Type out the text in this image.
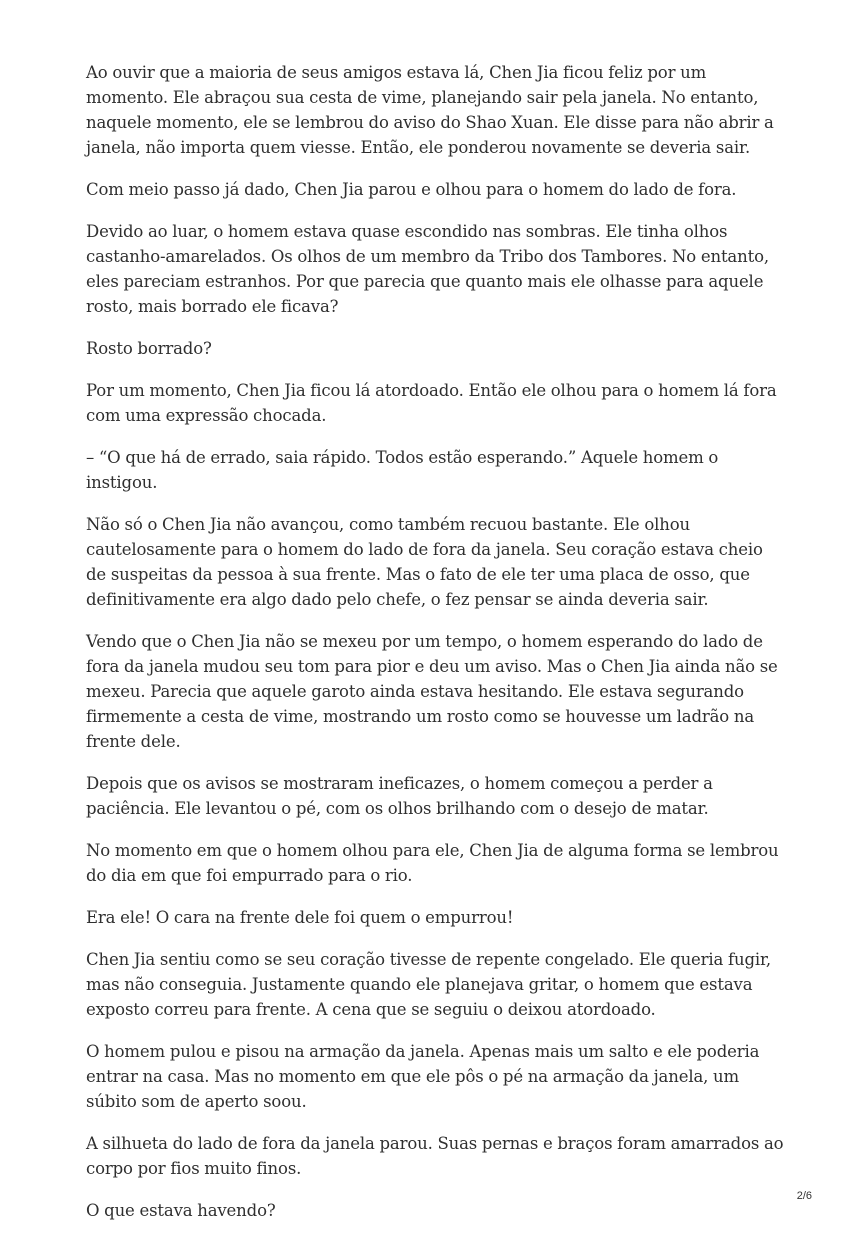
Ao ouvir que a maioria de seus amigos estava lá, Chen Jia ficou feliz por um momento. Ele abraçou sua cesta de vime, planejando sair pela janela. No entanto, naquele momento, ele se lembrou do aviso do Shao Xuan. Ele disse para não abrir a janela, não importa quem viesse. Então, ele ponderou novamente se deveria sair.

Com meio passo já dado, Chen Jia parou e olhou para o homem do lado de fora.

Devido ao luar, o homem estava quase escondido nas sombras. Ele tinha olhos castanho-amarelados. Os olhos de um membro da Tribo dos Tambores. No entanto, eles pareciam estranhos. Por que parecia que quanto mais ele olhasse para aquele rosto, mais borrado ele ficava?

Rosto borrado?

Por um momento, Chen Jia ficou lá atordoado. Então ele olhou para o homem lá fora com uma expressão chocada.

– “O que há de errado, saia rápido. Todos estão esperando.” Aquele homem o instigou.

Não só o Chen Jia não avançou, como também recuou bastante. Ele olhou cautelosamente para o homem do lado de fora da janela. Seu coração estava cheio de suspeitas da pessoa à sua frente. Mas o fato de ele ter uma placa de osso, que definitivamente era algo dado pelo chefe, o fez pensar se ainda deveria sair.

Vendo que o Chen Jia não se mexeu por um tempo, o homem esperando do lado de fora da janela mudou seu tom para pior e deu um aviso. Mas o Chen Jia ainda não se mexeu. Parecia que aquele garoto ainda estava hesitando. Ele estava segurando firmemente a cesta de vime, mostrando um rosto como se houvesse um ladrão na frente dele.

Depois que os avisos se mostraram ineficazes, o homem começou a perder a paciência. Ele levantou o pé, com os olhos brilhando com o desejo de matar.

No momento em que o homem olhou para ele, Chen Jia de alguma forma se lembrou do dia em que foi empurrado para o rio.

Era ele! O cara na frente dele foi quem o empurrou!

Chen Jia sentiu como se seu coração tivesse de repente congelado. Ele queria fugir, mas não conseguia. Justamente quando ele planejava gritar, o homem que estava exposto correu para frente. A cena que se seguiu o deixou atordoado.

O homem pulou e pisou na armação da janela. Apenas mais um salto e ele poderia entrar na casa. Mas no momento em que ele pôs o pé na armação da janela, um súbito som de aperto soou.

A silhueta do lado de fora da janela parou. Suas pernas e braços foram amarrados ao corpo por fios muito finos.

O que estava havendo?

2/6
